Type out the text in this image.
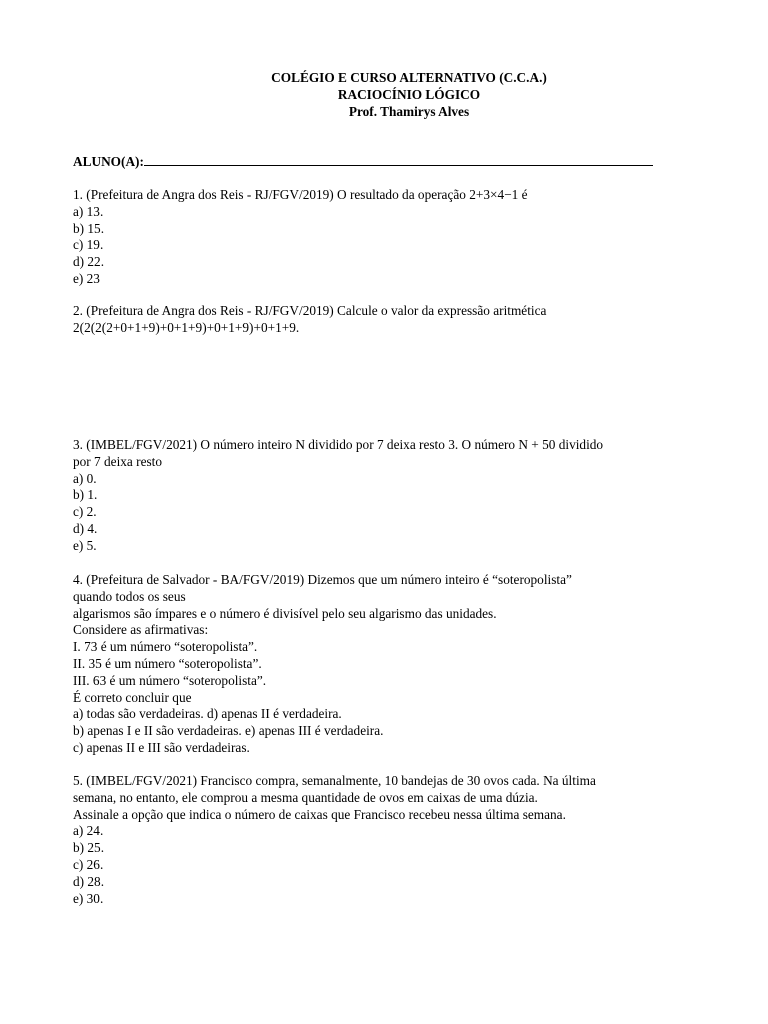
COLÉGIO E CURSO ALTERNATIVO (C.C.A.)
RACIOCÍNIO LÓGICO
Prof. Thamirys Alves
ALUNO(A):
1. (Prefeitura de Angra dos Reis - RJ/FGV/2019) O resultado da operação 2+3×4−1 é
a) 13.
b) 15.
c) 19.
d) 22.
e) 23
2. (Prefeitura de Angra dos Reis - RJ/FGV/2019) Calcule o valor da expressão aritmética
2(2(2(2+0+1+9)+0+1+9)+0+1+9)+0+1+9.
3. (IMBEL/FGV/2021) O número inteiro N dividido por 7 deixa resto 3. O número N + 50 dividido
por 7 deixa resto
a) 0.
b) 1.
c) 2.
d) 4.
e) 5.
4. (Prefeitura de Salvador - BA/FGV/2019) Dizemos que um número inteiro é “soteropolista”
quando todos os seus
algarismos são ímpares e o número é divisível pelo seu algarismo das unidades.
Considere as afirmativas:
I. 73 é um número “soteropolista”.
II. 35 é um número “soteropolista”.
III. 63 é um número “soteropolista”.
É correto concluir que
a) todas são verdadeiras. d) apenas II é verdadeira.
b) apenas I e II são verdadeiras. e) apenas III é verdadeira.
c) apenas II e III são verdadeiras.
5. (IMBEL/FGV/2021) Francisco compra, semanalmente, 10 bandejas de 30 ovos cada. Na última
semana, no entanto, ele comprou a mesma quantidade de ovos em caixas de uma dúzia.
Assinale a opção que indica o número de caixas que Francisco recebeu nessa última semana.
a) 24.
b) 25.
c) 26.
d) 28.
e) 30.
